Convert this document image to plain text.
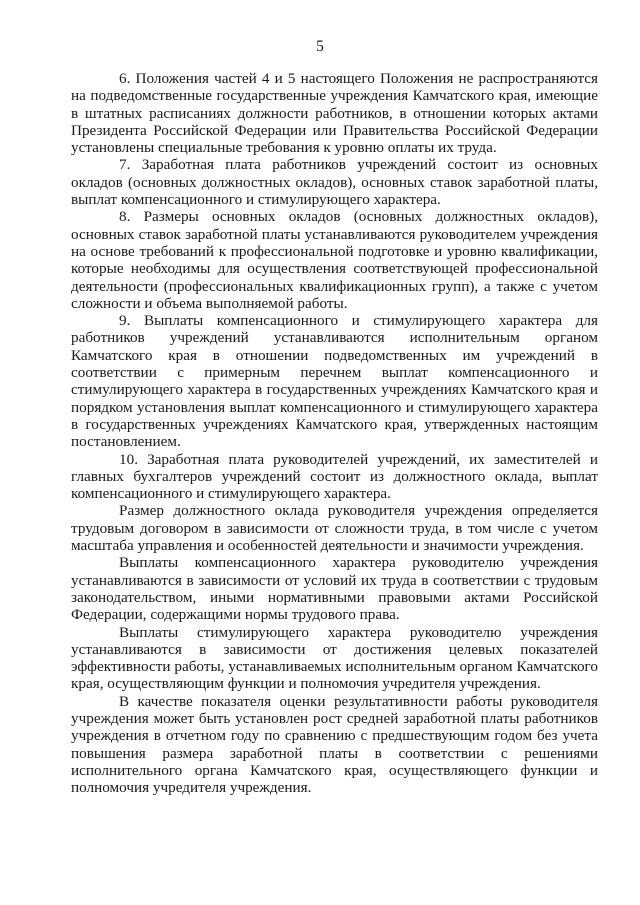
5

6. Положения частей 4 и 5 настоящего Положения не распространяются на подведомственные государственные учреждения Камчатского края, имеющие в штатных расписаниях должности работников, в отношении которых актами Президента Российской Федерации или Правительства Российской Федерации установлены специальные требования к уровню оплаты их труда.

7. Заработная плата работников учреждений состоит из основных окладов (основных должностных окладов), основных ставок заработной платы, выплат компенсационного и стимулирующего характера.

8. Размеры основных окладов (основных должностных окладов), основных ставок заработной платы устанавливаются руководителем учреждения на основе требований к профессиональной подготовке и уровню квалификации, которые необходимы для осуществления соответствующей профессиональной деятельности (профессиональных квалификационных групп), а также с учетом сложности и объема выполняемой работы.

9. Выплаты компенсационного и стимулирующего характера для работников учреждений устанавливаются исполнительным органом Камчатского края в отношении подведомственных им учреждений в соответствии с примерным перечнем выплат компенсационного и стимулирующего характера в государственных учреждениях Камчатского края и порядком установления выплат компенсационного и стимулирующего характера в государственных учреждениях Камчатского края, утвержденных настоящим постановлением.

10. Заработная плата руководителей учреждений, их заместителей и главных бухгалтеров учреждений состоит из должностного оклада, выплат компенсационного и стимулирующего характера.

Размер должностного оклада руководителя учреждения определяется трудовым договором в зависимости от сложности труда, в том числе с учетом масштаба управления и особенностей деятельности и значимости учреждения.

Выплаты компенсационного характера руководителю учреждения устанавливаются в зависимости от условий их труда в соответствии с трудовым законодательством, иными нормативными правовыми актами Российской Федерации, содержащими нормы трудового права.

Выплаты стимулирующего характера руководителю учреждения устанавливаются в зависимости от достижения целевых показателей эффективности работы, устанавливаемых исполнительным органом Камчатского края, осуществляющим функции и полномочия учредителя учреждения.

В качестве показателя оценки результативности работы руководителя учреждения может быть установлен рост средней заработной платы работников учреждения в отчетном году по сравнению с предшествующим годом без учета повышения размера заработной платы в соответствии с решениями исполнительного органа Камчатского края, осуществляющего функции и полномочия учредителя учреждения.
